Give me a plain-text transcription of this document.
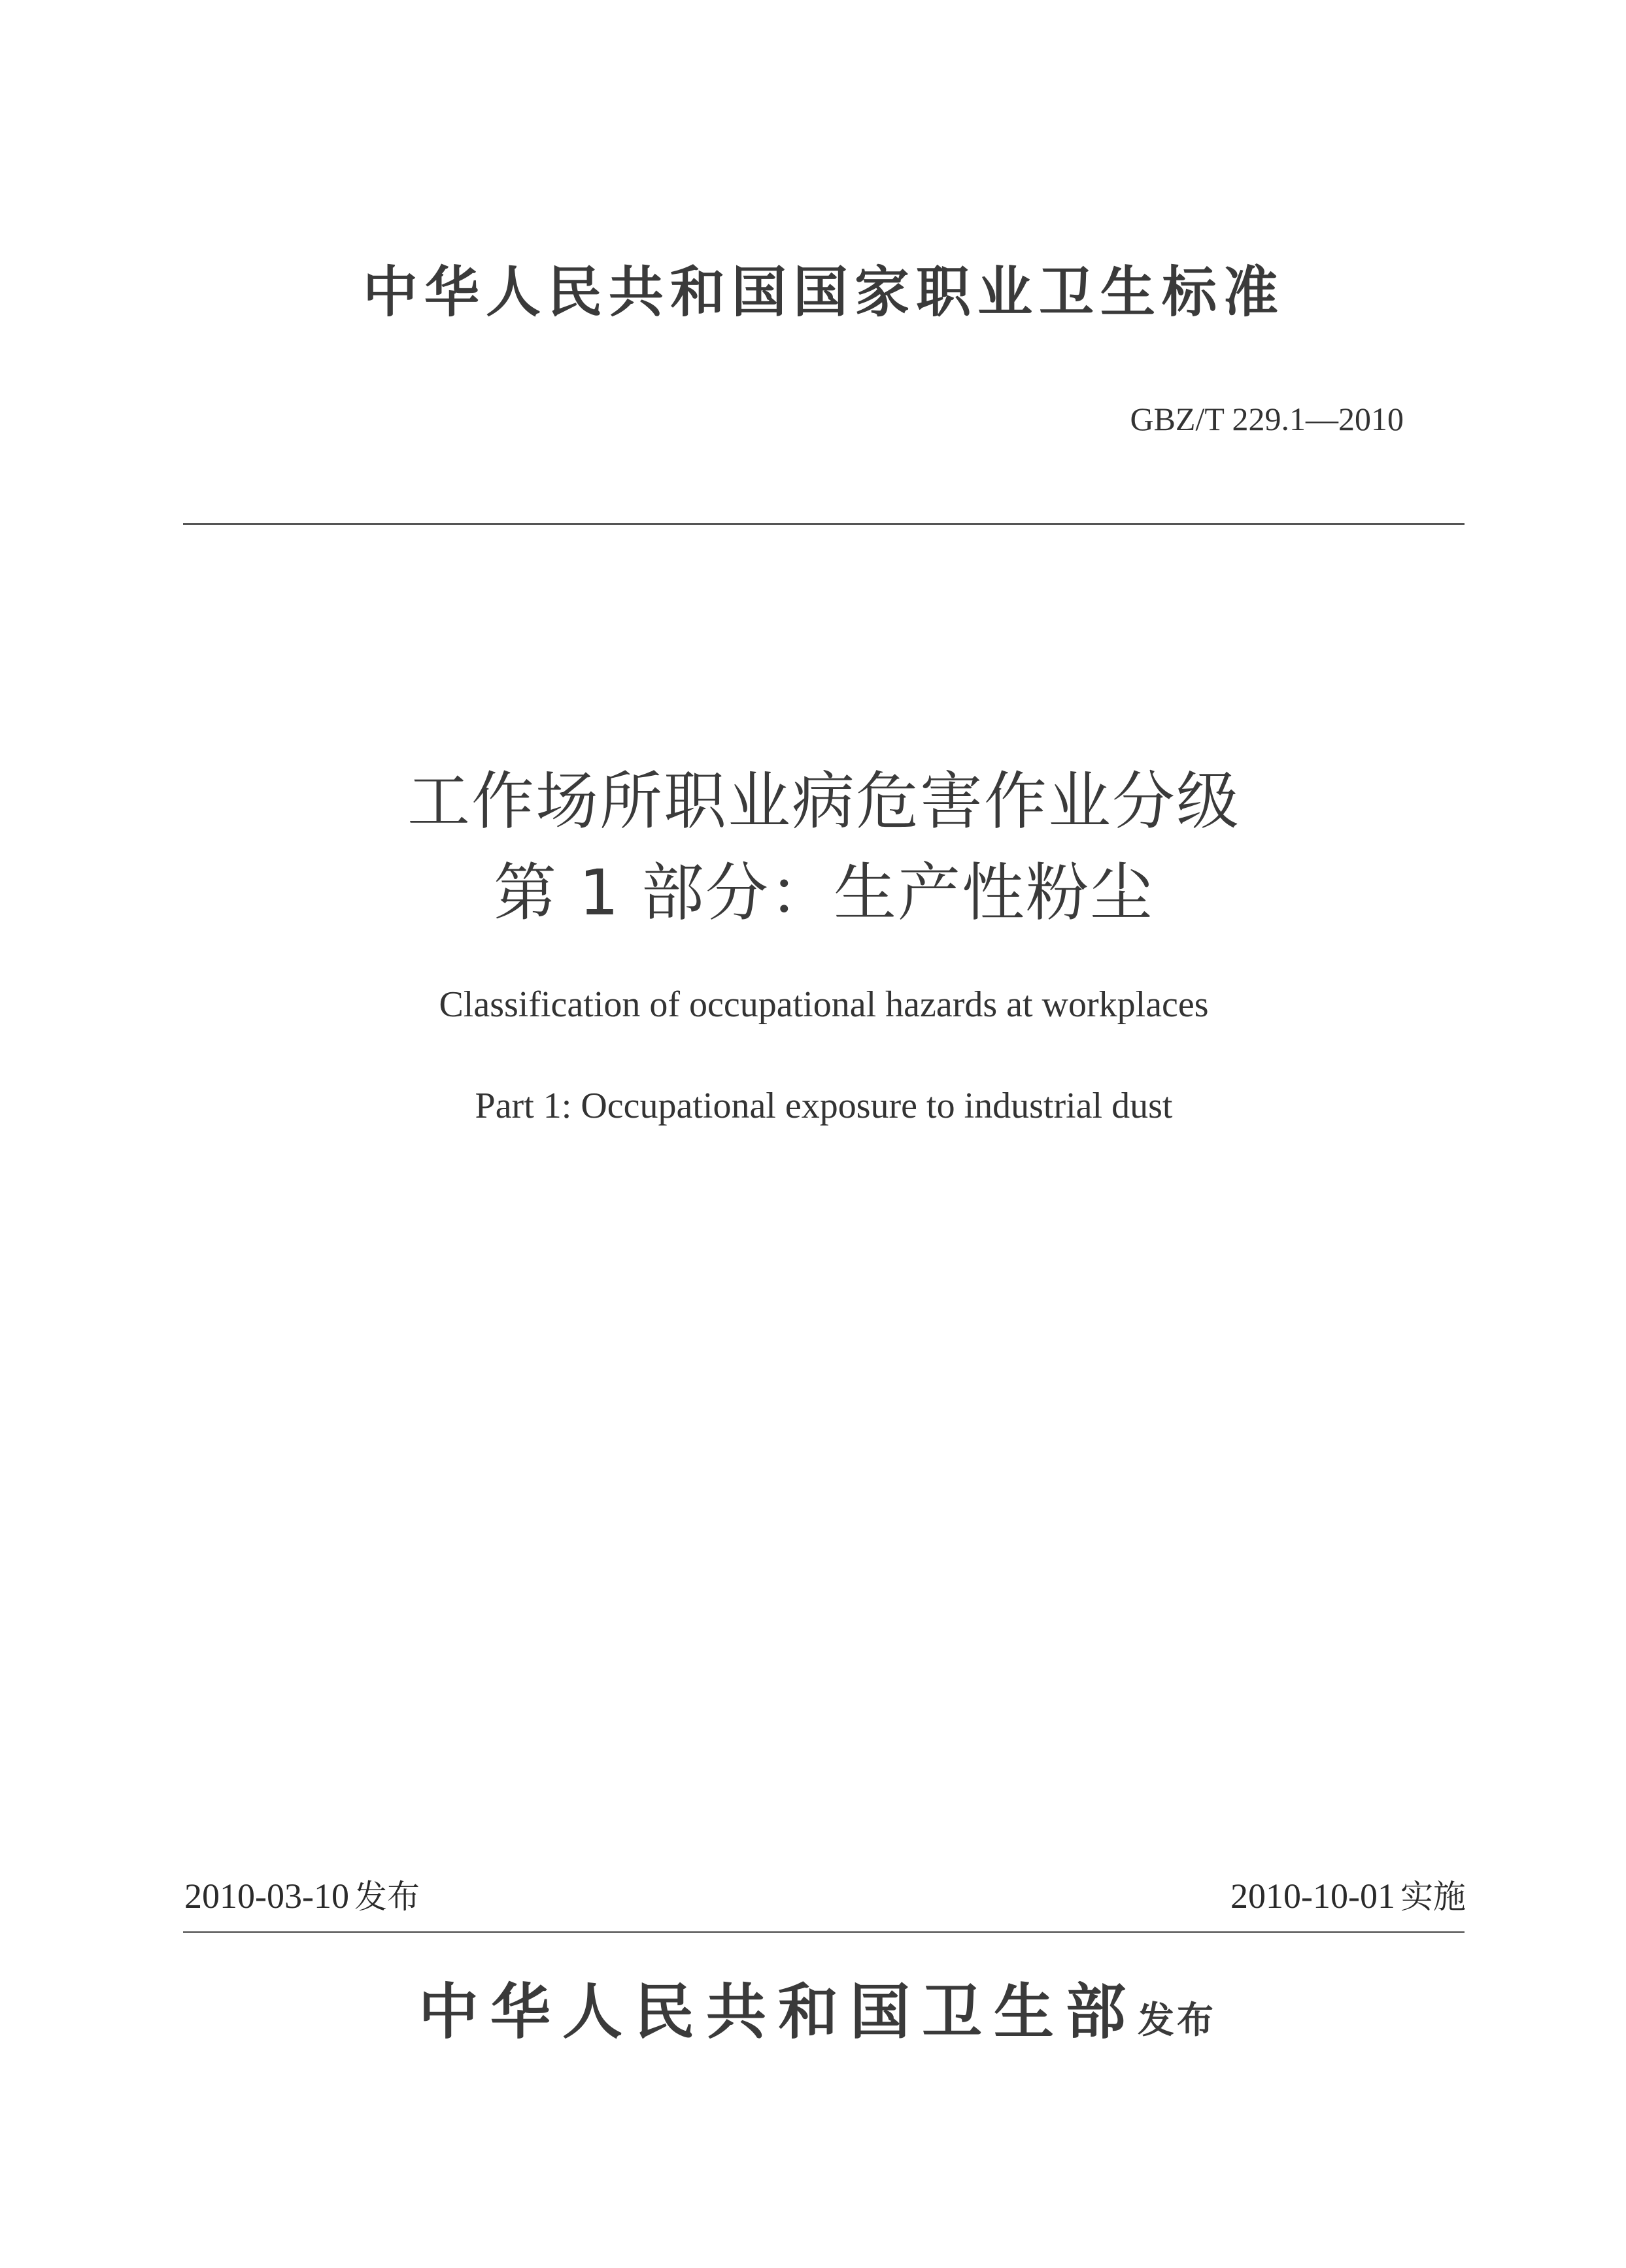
中华人民共和国国家职业卫生标准
GBZ/T 229.1—2010
工作场所职业病危害作业分级
第 1 部分：生产性粉尘
Classification of occupational hazards at workplaces
Part 1: Occupational exposure to industrial dust
2010-03-10 发布	2010-10-01 实施
中华人民共和国卫生部发布
